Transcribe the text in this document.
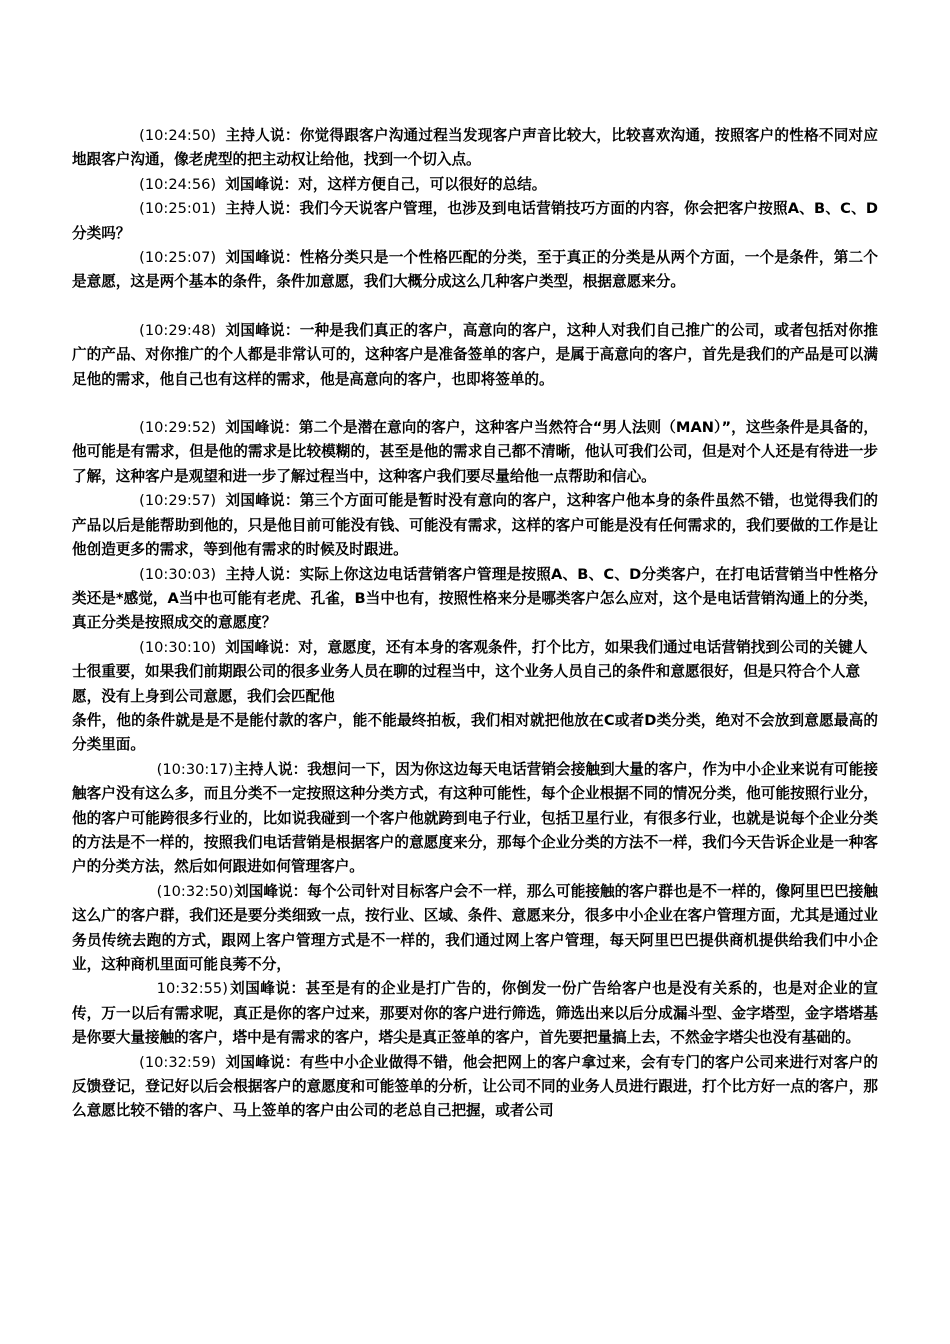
(10:24:50) 主持人说：你觉得跟客户沟通过程当发现客户声音比较大，比较喜欢沟通，按照客户的性格不同对应地跟客户沟通，像老虎型的把主动权让给他，找到一个切入点。

(10:24:56) 刘国峰说：对，这样方便自己，可以很好的总结。

(10:25:01) 主持人说：我们今天说客户管理，也涉及到电话营销技巧方面的内容，你会把客户按照A、B、C、D分类吗？

(10:25:07) 刘国峰说：性格分类只是一个性格匹配的分类，至于真正的分类是从两个方面，一个是条件，第二个是意愿，这是两个基本的条件，条件加意愿，我们大概分成这么几种客户类型，根据意愿来分。

(10:29:48) 刘国峰说：一种是我们真正的客户，高意向的客户，这种人对我们自己推广的公司，或者包括对你推广的产品、对你推广的个人都是非常认可的，这种客户是准备签单的客户，是属于高意向的客户，首先是我们的产品是可以满足他的需求，他自己也有这样的需求，他是高意向的客户，也即将签单的。

(10:29:52) 刘国峰说：第二个是潜在意向的客户，这种客户当然符合“男人法则（MAN）”，这些条件是具备的，他可能是有需求，但是他的需求是比较模糊的，甚至是他的需求自己都不清晰，他认可我们公司，但是对个人还是有待进一步了解，这种客户是观望和进一步了解过程当中，这种客户我们要尽量给他一点帮助和信心。

(10:29:57) 刘国峰说：第三个方面可能是暂时没有意向的客户，这种客户他本身的条件虽然不错，也觉得我们的产品以后是能帮助到他的，只是他目前可能没有钱、可能没有需求，这样的客户可能是没有任何需求的，我们要做的工作是让他创造更多的需求，等到他有需求的时候及时跟进。

(10:30:03) 主持人说：实际上你这边电话营销客户管理是按照A、B、C、D分类客户，在打电话营销当中性格分类还是*感觉，A当中也可能有老虎、孔雀，B当中也有，按照性格来分是哪类客户怎么应对，这个是电话营销沟通上的分类，真正分类是按照成交的意愿度？

(10:30:10) 刘国峰说：对，意愿度，还有本身的客观条件，打个比方，如果我们通过电话营销找到公司的关键人士很重要，如果我们前期跟公司的很多业务人员在聊的过程当中，这个业务人员自己的条件和意愿很好，但是只符合个人意愿，没有上身到公司意愿，我们会匹配他

条件，他的条件就是是不是能付款的客户，能不能最终拍板，我们相对就把他放在C或者D类分类，绝对不会放到意愿最高的分类里面。

(10:30:17)主持人说：我想问一下，因为你这边每天电话营销会接触到大量的客户，作为中小企业来说有可能接触客户没有这么多，而且分类不一定按照这种分类方式，有这种可能性，每个企业根据不同的情况分类，他可能按照行业分，他的客户可能跨很多行业的，比如说我碰到一个客户他就跨到电子行业，包括卫星行业，有很多行业，也就是说每个企业分类的方法是不一样的，按照我们电话营销是根据客户的意愿度来分，那每个企业分类的方法不一样，我们今天告诉企业是一种客户的分类方法，然后如何跟进如何管理客户。

(10:32:50)刘国峰说：每个公司针对目标客户会不一样，那么可能接触的客户群也是不一样的，像阿里巴巴接触这么广的客户群，我们还是要分类细致一点，按行业、区域、条件、意愿来分，很多中小企业在客户管理方面，尤其是通过业务员传统去跑的方式，跟网上客户管理方式是不一样的，我们通过网上客户管理，每天阿里巴巴提供商机提供给我们中小企业，这种商机里面可能良莠不分，

10:32:55) 刘国峰说：甚至是有的企业是打广告的，你倒发一份广告给客户也是没有关系的，也是对企业的宣传，万一以后有需求呢，真正是你的客户过来，那要对你的客户进行筛选，筛选出来以后分成漏斗型、金字塔型，金字塔塔基是你要大量接触的客户，塔中是有需求的客户，塔尖是真正签单的客户，首先要把量搞上去，不然金字塔尖也没有基础的。

(10:32:59) 刘国峰说：有些中小企业做得不错，他会把网上的客户拿过来，会有专门的客户公司来进行对客户的反馈登记，登记好以后会根据客户的意愿度和可能签单的分析，让公司不同的业务人员进行跟进，打个比方好一点的客户，那么意愿比较不错的客户、马上签单的客户由公司的老总自己把握，或者公司
